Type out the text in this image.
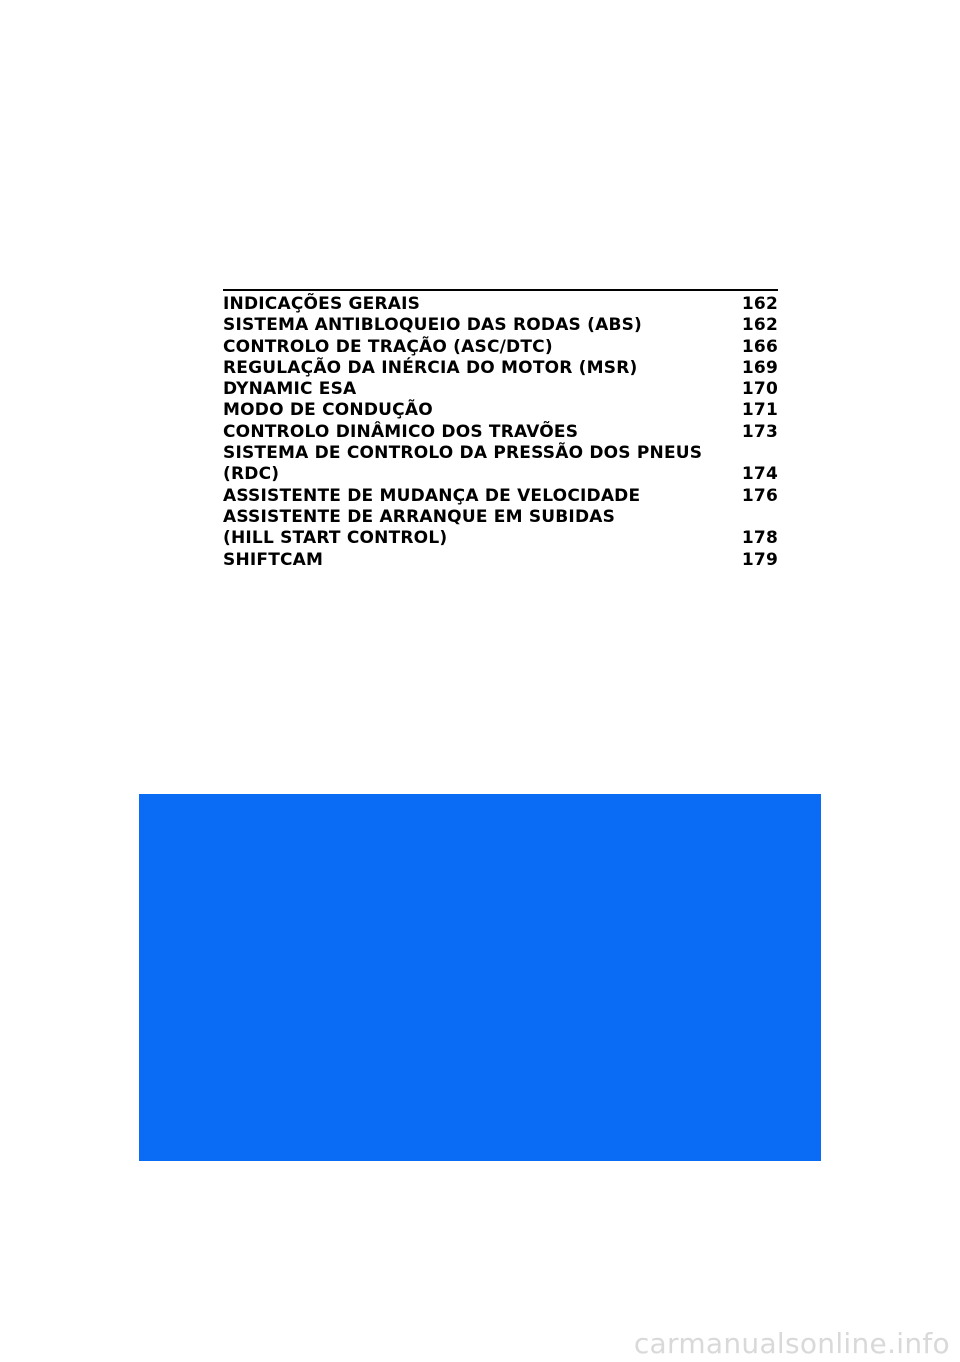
INDICAÇÕES GERAIS	162
SISTEMA ANTIBLOQUEIO DAS RODAS (ABS)	162
CONTROLO DE TRAÇÃO (ASC/DTC)	166
REGULAÇÃO DA INÉRCIA DO MOTOR (MSR)	169
DYNAMIC ESA	170
MODO DE CONDUÇÃO	171
CONTROLO DINÂMICO DOS TRAVÕES	173
SISTEMA DE CONTROLO DA PRESSÃO DOS PNEUS
(RDC)	174
ASSISTENTE DE MUDANÇA DE VELOCIDADE	176
ASSISTENTE DE ARRANQUE EM SUBIDAS
(HILL START CONTROL)	178
SHIFTCAM	179
carmanualsonline.info
